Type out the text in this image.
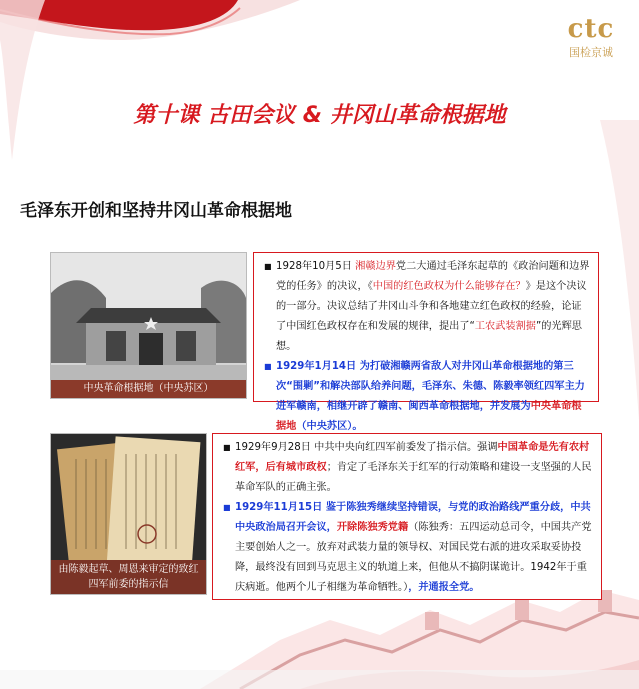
ctc
国检京诚
第十课 古田会议 & 井冈山革命根据地
毛泽东开创和坚持井冈山革命根据地
中央革命根据地（中央苏区）

■ 1928年10月5日 湘赣边界党二大通过毛泽东起草的《政治问题和边界党的任务》的决议，《中国的红色政权为什么能够存在？》是这个决议的一部分。决议总结了井冈山斗争和各地建立红色政权的经验，论证了中国红色政权存在和发展的规律，提出了“工农武装割据”的光辉思想。

■ 1929年1月14日 为打破湘赣两省敌人对井冈山革命根据地的第三次“围剿”和解决部队给养问题，毛泽东、朱德、陈毅率领红四军主力进军赣南，相继开辟了赣南、闽西革命根据地，并发展为中央革命根据地（中央苏区）。

由陈毅起草、周恩来审定的致红
四军前委的指示信

■ 1929年9月28日 中共中央向红四军前委发了指示信。强调中国革命是先有农村红军，后有城市政权；肯定了毛泽东关于红军的行动策略和建设一支坚强的人民革命军队的正确主张。

■ 1929年11月15日 鉴于陈独秀继续坚持错误，与党的政治路线严重分歧，中共中央政治局召开会议，开除陈独秀党籍（陈独秀：五四运动总司令，中国共产党主要创始人之一。放弃对武装力量的领导权、对国民党右派的进攻采取妥协投降，最终没有回到马克思主义的轨道上来，但他从不搞阴谋诡计。1942年于重庆病逝。他两个儿子相继为革命牺牲。），并通报全党。
